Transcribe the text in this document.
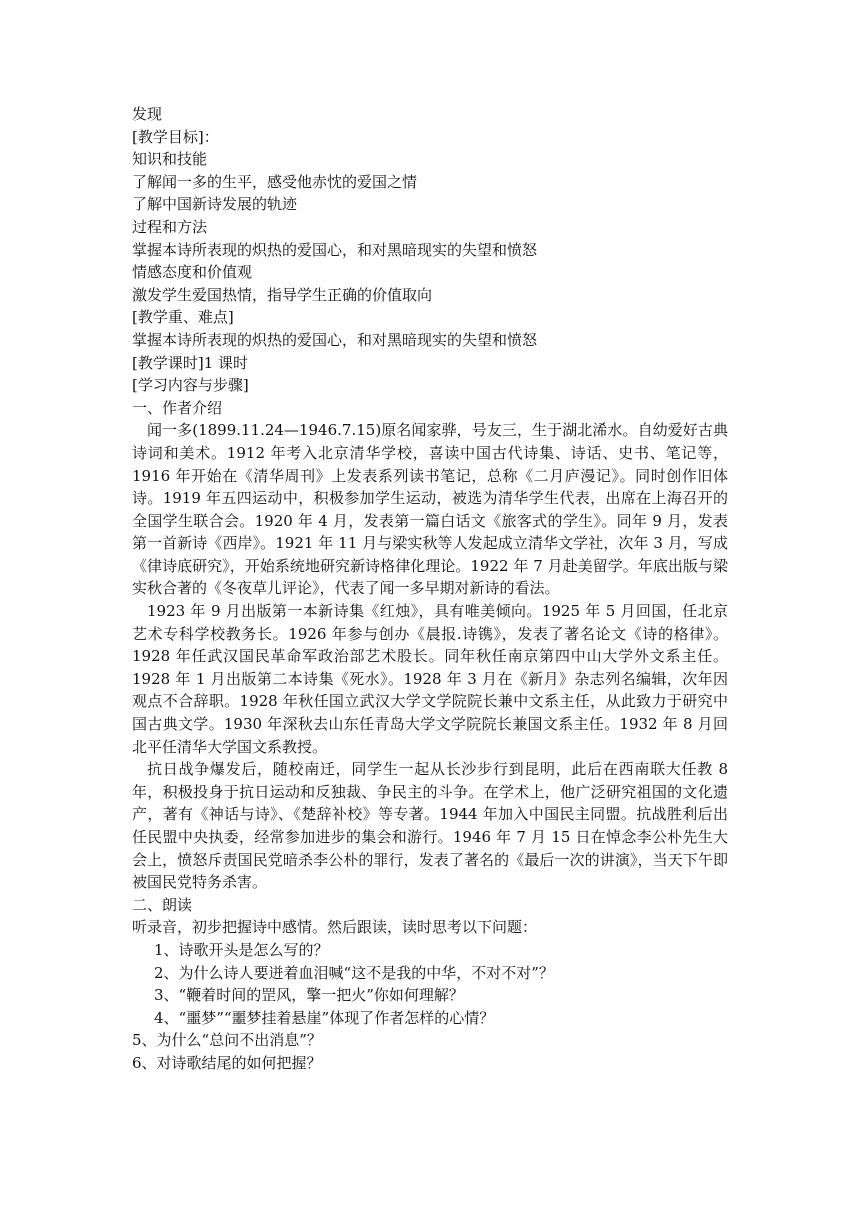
发现
[教学目标]：
知识和技能
了解闻一多的生平，感受他赤忱的爱国之情
了解中国新诗发展的轨迹
过程和方法
掌握本诗所表现的炽热的爱国心，和对黑暗现实的失望和愤怒
情感态度和价值观
激发学生爱国热情，指导学生正确的价值取向
[教学重、难点]
掌握本诗所表现的炽热的爱国心，和对黑暗现实的失望和愤怒
[教学课时]1 课时
[学习内容与步骤]
一、作者介绍
闻一多(1899.11.24—1946.7.15)原名闻家骅，号友三，生于湖北浠水。自幼爱好古典诗词和美术。1912 年考入北京清华学校，喜读中国古代诗集、诗话、史书、笔记等，1916 年开始在《清华周刊》上发表系列读书笔记，总称《二月庐漫记》。同时创作旧体诗。1919 年五四运动中，积极参加学生运动，被选为清华学生代表，出席在上海召开的全国学生联合会。1920 年 4 月，发表第一篇白话文《旅客式的学生》。同年 9 月，发表第一首新诗《西岸》。1921 年 11 月与梁实秋等人发起成立清华文学社，次年 3 月，写成《律诗底研究》，开始系统地研究新诗格律化理论。1922 年 7 月赴美留学。年底出版与梁实秋合著的《冬夜草儿评论》，代表了闻一多早期对新诗的看法。
1923 年 9 月出版第一本新诗集《红烛》，具有唯美倾向。1925 年 5 月回国，任北京艺术专科学校教务长。1926 年参与创办《晨报.诗镌》，发表了著名论文《诗的格律》。1928 年任武汉国民革命军政治部艺术股长。同年秋任南京第四中山大学外文系主任。1928 年 1 月出版第二本诗集《死水》。1928 年 3 月在《新月》杂志列名编辑，次年因观点不合辞职。1928 年秋任国立武汉大学文学院院长兼中文系主任，从此致力于研究中国古典文学。1930 年深秋去山东任青岛大学文学院院长兼国文系主任。1932 年 8 月回北平任清华大学国文系教授。
抗日战争爆发后，随校南迁，同学生一起从长沙步行到昆明，此后在西南联大任教 8 年，积极投身于抗日运动和反独裁、争民主的斗争。在学术上，他广泛研究祖国的文化遗产，著有《神话与诗》、《楚辞补校》等专著。1944 年加入中国民主同盟。抗战胜利后出任民盟中央执委，经常参加进步的集会和游行。1946 年 7 月 15 日在悼念李公朴先生大会上，愤怒斥责国民党暗杀李公朴的罪行，发表了著名的《最后一次的讲演》，当天下午即被国民党特务杀害。
二、朗读
听录音，初步把握诗中感情。然后跟读，读时思考以下问题：
1、诗歌开头是怎么写的？
2、为什么诗人要迸着血泪喊“这不是我的中华，不对不对”？
3、“鞭着时间的罡风，擎一把火”你如何理解？
4、“噩梦”“噩梦挂着悬崖”体现了作者怎样的心情？
5、为什么“总问不出消息”？
6、对诗歌结尾的如何把握？
